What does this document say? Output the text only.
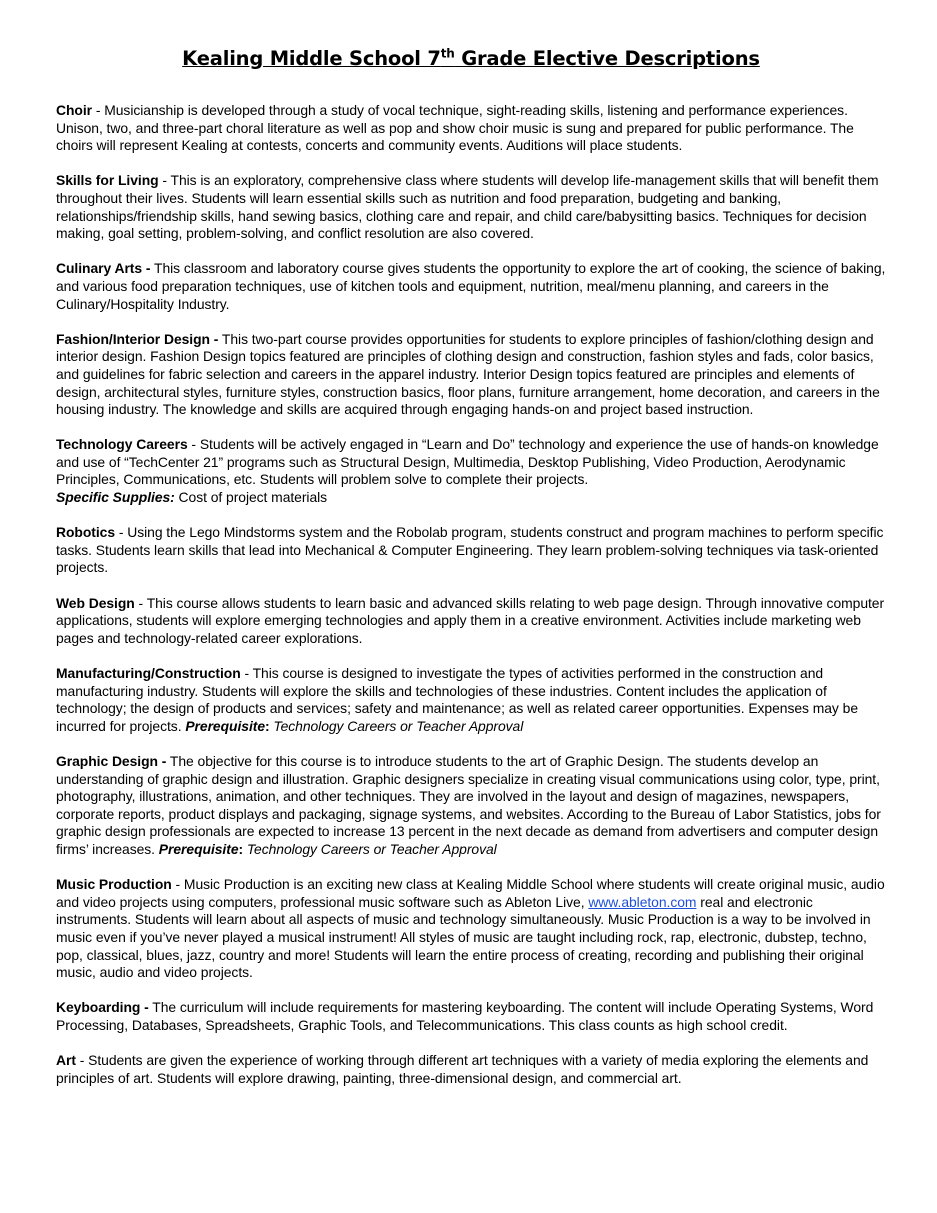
Kealing Middle School 7th Grade Elective Descriptions

Choir - Musicianship is developed through a study of vocal technique, sight-reading skills, listening and performance experiences. Unison, two, and three-part choral literature as well as pop and show choir music is sung and prepared for public performance. The choirs will represent Kealing at contests, concerts and community events. Auditions will place students.

Skills for Living - This is an exploratory, comprehensive class where students will develop life-management skills that will benefit them throughout their lives. Students will learn essential skills such as nutrition and food preparation, budgeting and banking, relationships/friendship skills, hand sewing basics, clothing care and repair, and child care/babysitting basics. Techniques for decision making, goal setting, problem-solving, and conflict resolution are also covered.

Culinary Arts - This classroom and laboratory course gives students the opportunity to explore the art of cooking, the science of baking, and various food preparation techniques, use of kitchen tools and equipment, nutrition, meal/menu planning, and careers in the Culinary/Hospitality Industry.

Fashion/Interior Design - This two-part course provides opportunities for students to explore principles of fashion/clothing design and interior design. Fashion Design topics featured are principles of clothing design and construction, fashion styles and fads, color basics, and guidelines for fabric selection and careers in the apparel industry. Interior Design topics featured are principles and elements of design, architectural styles, furniture styles, construction basics, floor plans, furniture arrangement, home decoration, and careers in the housing industry. The knowledge and skills are acquired through engaging hands-on and project based instruction.

Technology Careers - Students will be actively engaged in “Learn and Do” technology and experience the use of hands-on knowledge and use of “TechCenter 21” programs such as Structural Design, Multimedia, Desktop Publishing, Video Production, Aerodynamic Principles, Communications, etc. Students will problem solve to complete their projects.
Specific Supplies: Cost of project materials

Robotics - Using the Lego Mindstorms system and the Robolab program, students construct and program machines to perform specific tasks. Students learn skills that lead into Mechanical & Computer Engineering. They learn problem-solving techniques via task-oriented projects.

Web Design - This course allows students to learn basic and advanced skills relating to web page design. Through innovative computer applications, students will explore emerging technologies and apply them in a creative environment. Activities include marketing web pages and technology-related career explorations.

Manufacturing/Construction - This course is designed to investigate the types of activities performed in the construction and manufacturing industry. Students will explore the skills and technologies of these industries. Content includes the application of technology; the design of products and services; safety and maintenance; as well as related career opportunities. Expenses may be incurred for projects. Prerequisite: Technology Careers or Teacher Approval

Graphic Design - The objective for this course is to introduce students to the art of Graphic Design. The students develop an understanding of graphic design and illustration. Graphic designers specialize in creating visual communications using color, type, print, photography, illustrations, animation, and other techniques. They are involved in the layout and design of magazines, newspapers, corporate reports, product displays and packaging, signage systems, and websites. According to the Bureau of Labor Statistics, jobs for graphic design professionals are expected to increase 13 percent in the next decade as demand from advertisers and computer design firms’ increases. Prerequisite: Technology Careers or Teacher Approval

Music Production - Music Production is an exciting new class at Kealing Middle School where students will create original music, audio and video projects using computers, professional music software such as Ableton Live, www.ableton.com real and electronic instruments. Students will learn about all aspects of music and technology simultaneously. Music Production is a way to be involved in music even if you’ve never played a musical instrument! All styles of music are taught including rock, rap, electronic, dubstep, techno, pop, classical, blues, jazz, country and more! Students will learn the entire process of creating, recording and publishing their original music, audio and video projects.

Keyboarding - The curriculum will include requirements for mastering keyboarding. The content will include Operating Systems, Word Processing, Databases, Spreadsheets, Graphic Tools, and Telecommunications. This class counts as high school credit.

Art - Students are given the experience of working through different art techniques with a variety of media exploring the elements and principles of art. Students will explore drawing, painting, three-dimensional design, and commercial art.
